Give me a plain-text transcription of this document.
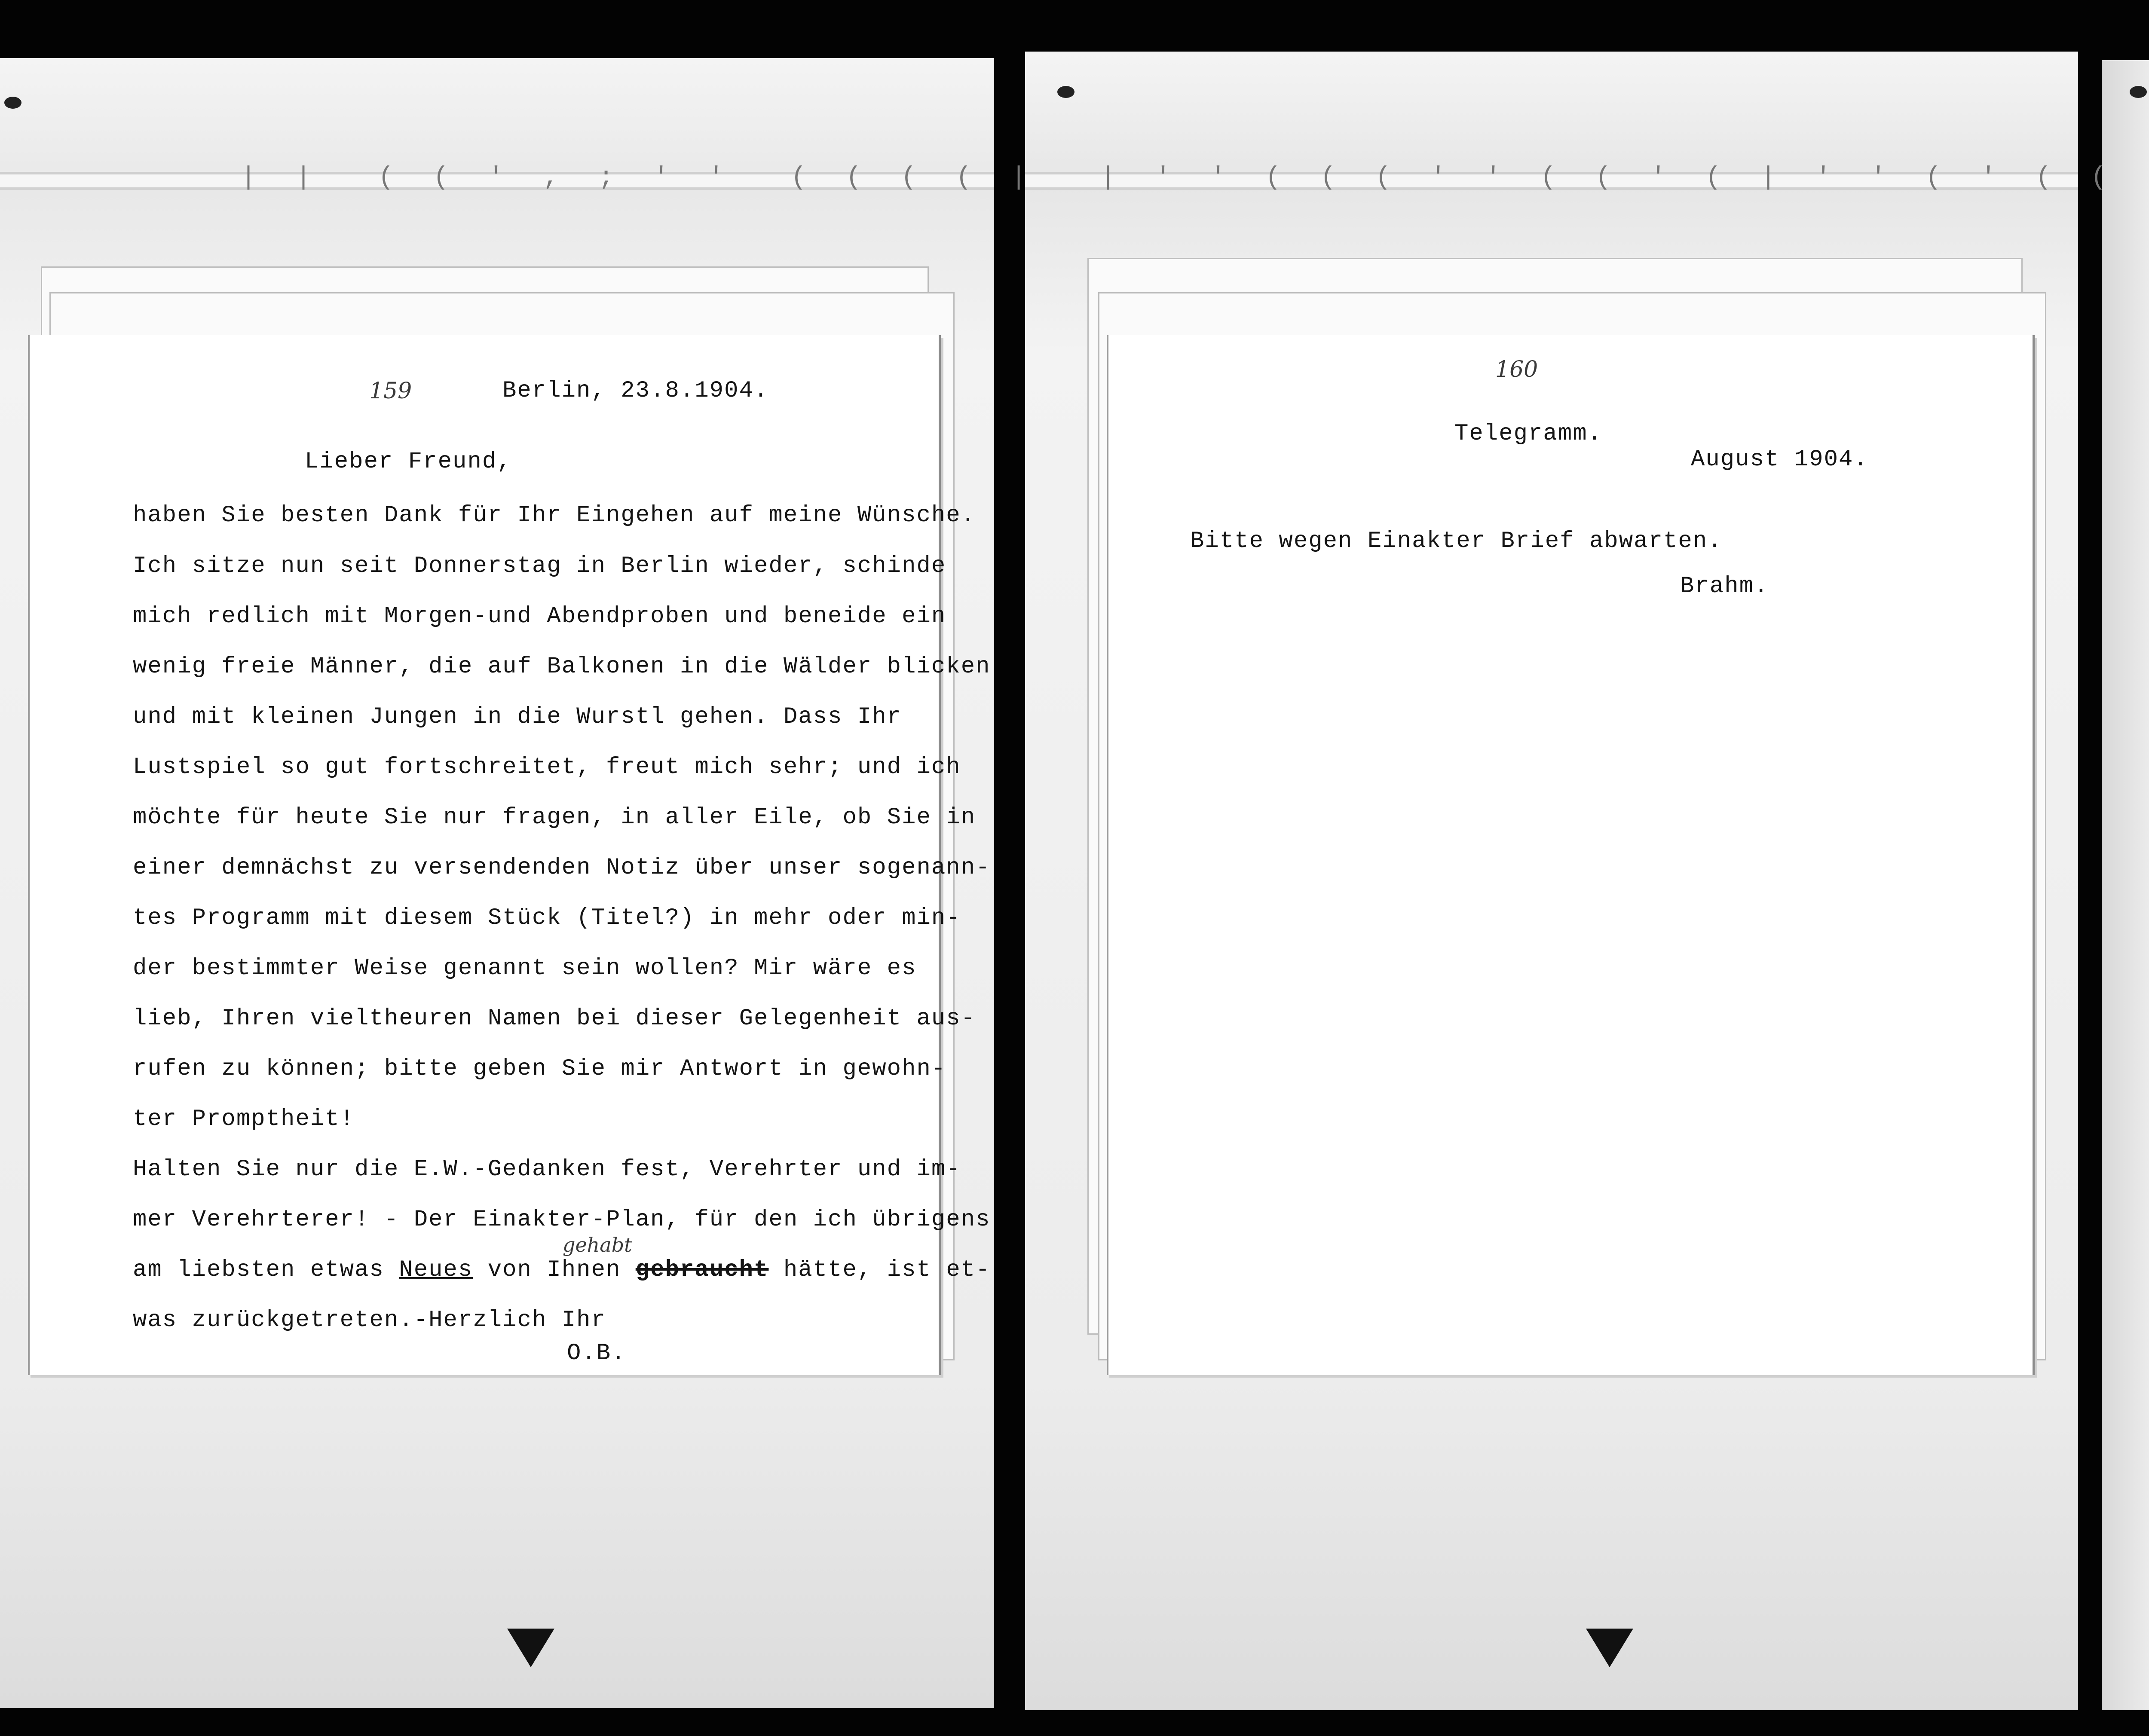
| |  ( ( ' , ; ' '  ( ( ( ( | | ' ' ( ( ( ' ' ( ( ' ( | ' ' ( ' ( (
159	Berlin, 23.8.1904.
Lieber Freund,
haben Sie besten Dank für Ihr Eingehen auf meine Wünsche.
Ich sitze nun seit Donnerstag in Berlin wieder, schinde
mich redlich mit Morgen-und Abendproben und beneide ein
wenig freie Männer, die auf Balkonen in die Wälder blicken
und mit kleinen Jungen in die Wurstl gehen. Dass Ihr
Lustspiel so gut fortschreitet, freut mich sehr; und ich
möchte für heute Sie nur fragen, in aller Eile, ob Sie in
einer demnächst zu versendenden Notiz über unser sogenann-
tes Programm mit diesem Stück (Titel?) in mehr oder min-
der bestimmter Weise genannt sein wollen? Mir wäre es
lieb, Ihren vieltheuren Namen bei dieser Gelegenheit aus-
rufen zu können; bitte geben Sie mir Antwort in gewohn-
ter Promptheit!
Halten Sie nur die E.W.-Gedanken fest, Verehrter und im-
mer Verehrterer! - Der Einakter-Plan, für den ich übrigens
gehabt
am liebsten etwas Neues von Ihnen gebraucht hätte, ist et-
was zurückgetreten.-Herzlich Ihr
O.B.
160
Telegramm.
August 1904.
Bitte wegen Einakter Brief abwarten.
Brahm.
